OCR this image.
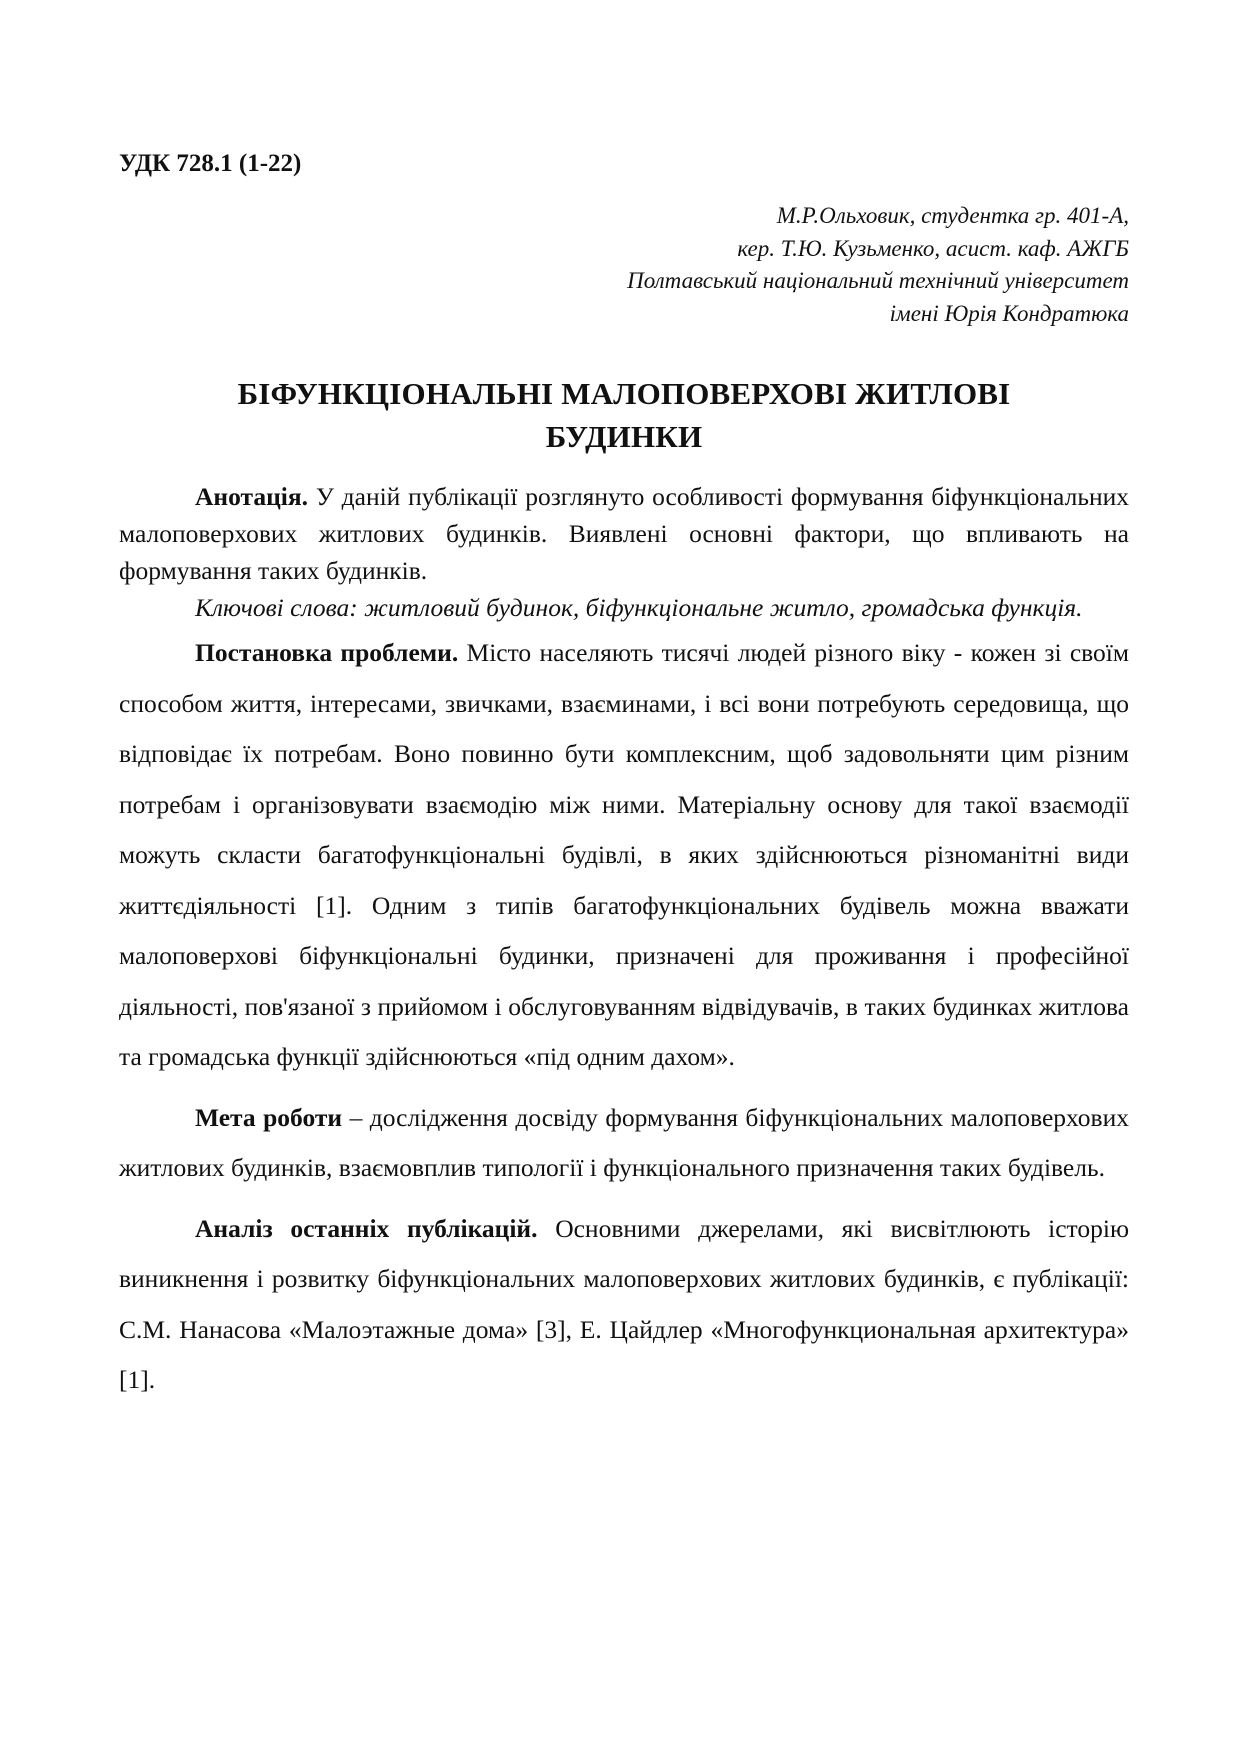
УДК 728.1 (1-22)
М.Р.Ольховик, студентка гр. 401-А,
кер. Т.Ю. Кузьменко, асист. каф. АЖГБ
Полтавський національний технічний університет
імені Юрія Кондратюка
БІФУНКЦІОНАЛЬНІ МАЛОПОВЕРХОВІ ЖИТЛОВІ
БУДИНКИ

Анотація. У даній публікації розглянуто особливості формування біфункціональних малоповерхових житлових будинків. Виявлені основні фактори, що впливають на формування таких будинків.

Ключові слова: житловий будинок, біфункціональне житло, громадська функція.

Постановка проблеми. Місто населяють тисячі людей різного віку - кожен зі своїм способом життя, інтересами, звичками, взаєминами, і всі вони потребують середовища, що відповідає їх потребам. Воно повинно бути комплексним, щоб задовольняти цим різним потребам і організовувати взаємодію між ними. Матеріальну основу для такої взаємодії можуть скласти багатофункціональні будівлі, в яких здійснюються різноманітні види життєдіяльності [1]. Одним з типів багатофункціональних будівель можна вважати малоповерхові біфункціональні будинки, призначені для проживання і професійної діяльності, пов'язаної з прийомом і обслуговуванням відвідувачів, в таких будинках житлова та громадська функції здійснюються «під одним дахом».

Мета роботи – дослідження досвіду формування біфункціональних малоповерхових житлових будинків, взаємовплив типології і функціонального призначення таких будівель.

Аналіз останніх публікацій. Основними джерелами, які висвітлюють історію виникнення і розвитку біфункціональних малоповерхових житлових будинків, є публікації: С.М. Нанасова «Малоэтажные дома» [3], Е. Цайдлер «Многофункциональная архитектура» [1].
